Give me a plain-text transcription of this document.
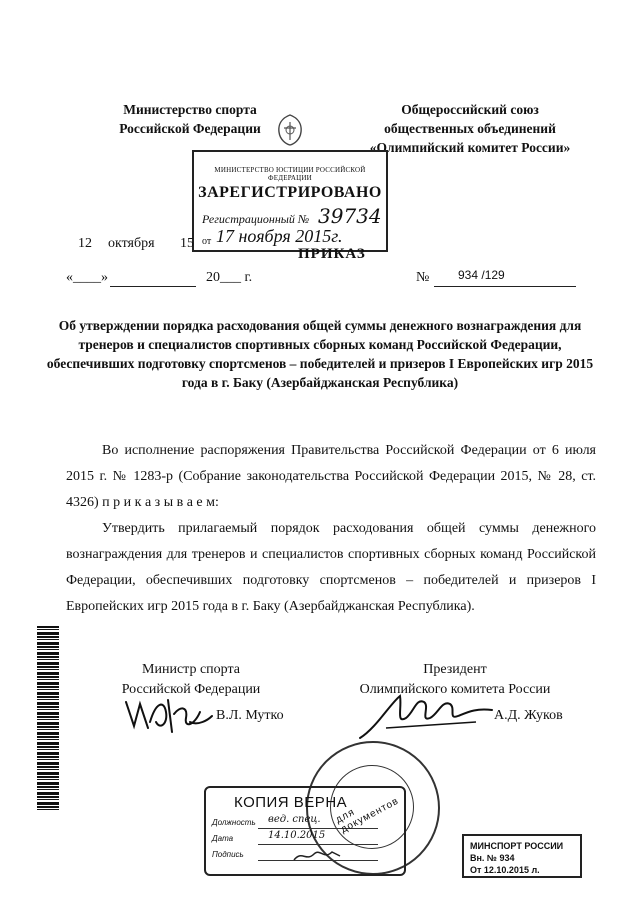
Министерство спорта
Российской Федерации
Общероссийский союз
общественных объединений
«Олимпийский комитет России»
МИНИСТЕРСТВО ЮСТИЦИИ РОССИЙСКОЙ ФЕДЕРАЦИИ
ЗАРЕГИСТРИРОВАНО
Регистрационный № 39734
от 17 ноября 2015г.
12 октября 15
ПРИКАЗ
«____»	20___ г.	№ 934 /129
Об утверждении порядка расходования общей суммы денежного вознаграждения для тренеров и специалистов спортивных сборных команд Российской Федерации, обеспечивших подготовку спортсменов – победителей и призеров I Европейских игр 2015 года в г. Баку (Азербайджанская Республика)
Во исполнение распоряжения Правительства Российской Федерации от 6 июля 2015 г. № 1283-р (Собрание законодательства Российской Федерации 2015, № 28, ст. 4326) п р и к а з ы в а е м:
Утвердить прилагаемый порядок расходования общей суммы денежного вознаграждения для тренеров и специалистов спортивных сборных команд Российской Федерации, обеспечивших подготовку спортсменов – победителей и призеров I Европейских игр 2015 года в г. Баку (Азербайджанская Республика).
Министр спорта
Российской Федерации
Президент
Олимпийского комитета России
В.Л. Мутко	А.Д. Жуков
КОПИЯ ВЕРНА
Должность вед. спец.
Дата	14.10.2015
Подпись
для документов
МИНСПОРТ РОССИИ
Вн. № 934
От 12.10.2015 л.
